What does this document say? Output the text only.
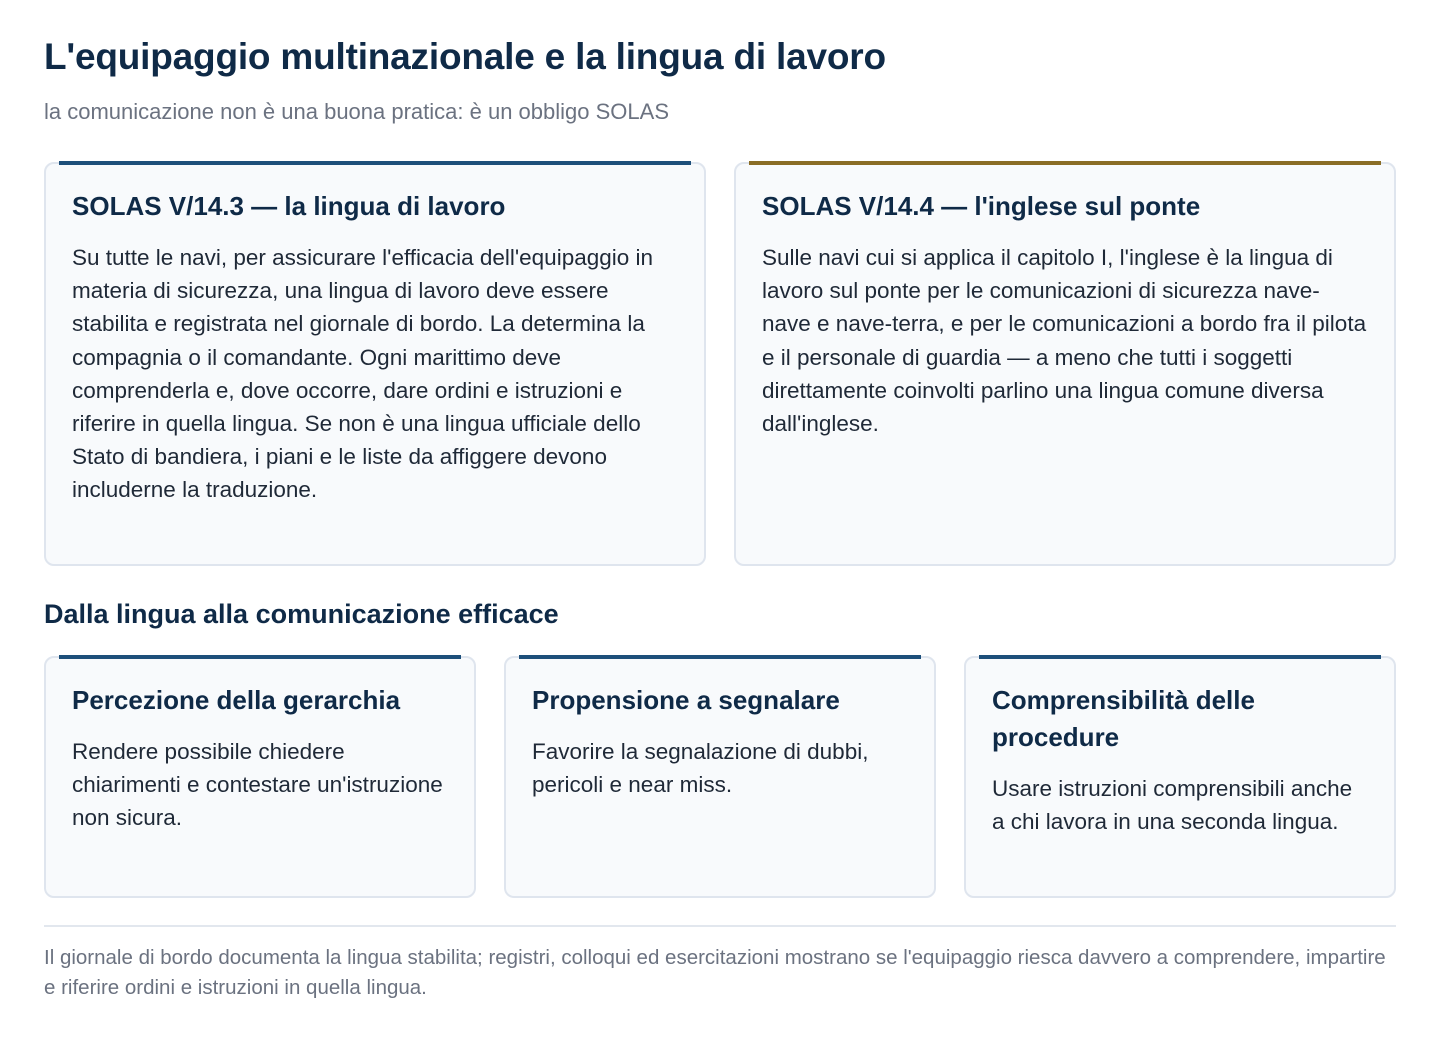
L'equipaggio multinazionale e la lingua di lavoro

la comunicazione non è una buona pratica: è un obbligo SOLAS

SOLAS V/14.3 — la lingua di lavoro

Su tutte le navi, per assicurare l'efficacia dell'equipaggio in materia di sicurezza, una lingua di lavoro deve essere stabilita e registrata nel giornale di bordo. La determina la compagnia o il comandante. Ogni marittimo deve comprenderla e, dove occorre, dare ordini e istruzioni e riferire in quella lingua. Se non è una lingua ufficiale dello Stato di bandiera, i piani e le liste da affiggere devono includerne la traduzione.

SOLAS V/14.4 — l'inglese sul ponte

Sulle navi cui si applica il capitolo I, l'inglese è la lingua di lavoro sul ponte per le comunicazioni di sicurezza nave-nave e nave-terra, e per le comunicazioni a bordo fra il pilota e il personale di guardia — a meno che tutti i soggetti direttamente coinvolti parlino una lingua comune diversa dall'inglese.

Dalla lingua alla comunicazione efficace
Percezione della gerarchia

Rendere possibile chiedere chiarimenti e contestare un'istruzione non sicura.

Propensione a segnalare

Favorire la segnalazione di dubbi, pericoli e near miss.

Comprensibilità delle procedure

Usare istruzioni comprensibili anche a chi lavora in una seconda lingua.

Il giornale di bordo documenta la lingua stabilita; registri, colloqui ed esercitazioni mostrano se l'equipaggio riesca davvero a comprendere, impartire e riferire ordini e istruzioni in quella lingua.
